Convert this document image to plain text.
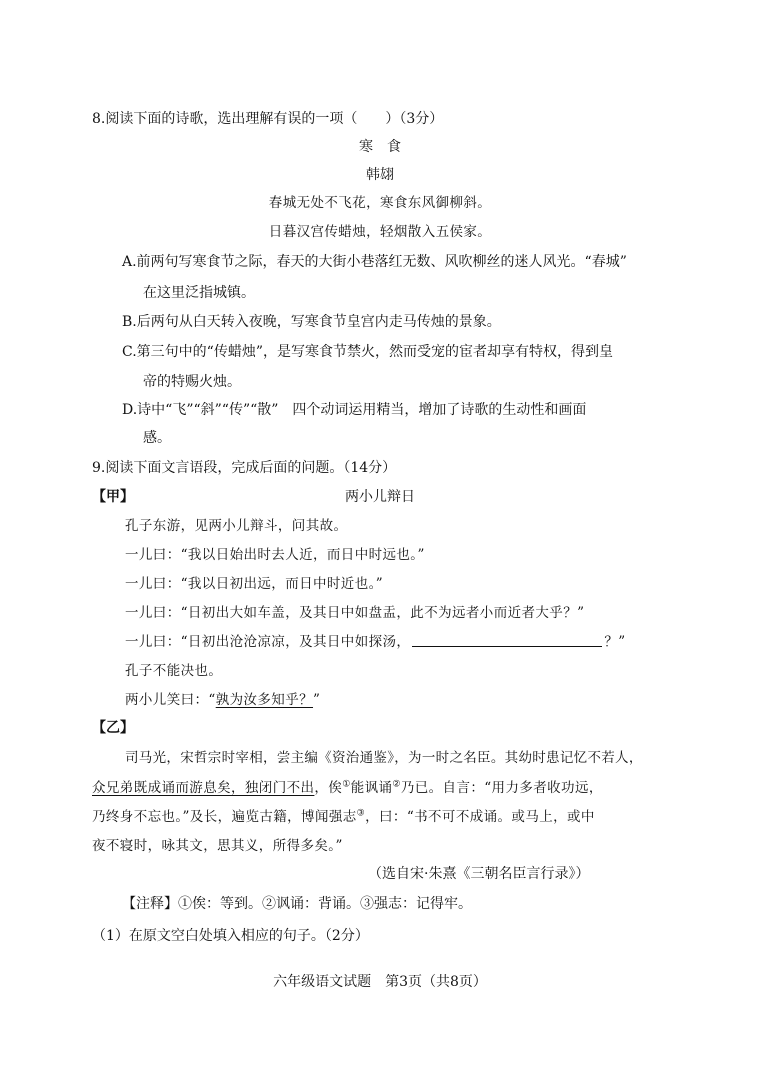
8.阅读下面的诗歌，选出理解有误的一项（　　）（3分）
寒　食
韩翃
春城无处不飞花，寒食东风御柳斜。
日暮汉宫传蜡烛，轻烟散入五侯家。
A.前两句写寒食节之际，春天的大街小巷落红无数、风吹柳丝的迷人风光。“春城”
在这里泛指城镇。
B.后两句从白天转入夜晚，写寒食节皇宫内走马传烛的景象。
C.第三句中的“传蜡烛”，是写寒食节禁火，然而受宠的宦者却享有特权，得到皇
帝的特赐火烛。
D.诗中“飞”“斜”“传”“散”　四个动词运用精当，增加了诗歌的生动性和画面
感。
9.阅读下面文言语段，完成后面的问题。（14分）
【甲】	两小儿辩日
孔子东游，见两小儿辩斗，问其故。
一儿曰：“我以日始出时去人近，而日中时远也。”
一儿曰：“我以日初出远，而日中时近也。”
一儿曰：“日初出大如车盖，及其日中如盘盂，此不为远者小而近者大乎？”
一儿曰：“日初出沧沧凉凉，及其日中如探汤，	？”
孔子不能决也。
两小儿笑曰：“孰为汝多知乎？”
【乙】
司马光，宋哲宗时宰相，尝主编《资治通鉴》，为一时之名臣。其幼时患记忆不若人，
众兄弟既成诵而游息矣，独闭门不出，俟①能讽诵②乃已。自言：“用力多者收功远，
乃终身不忘也。”及长，遍览古籍，博闻强志③，曰：“书不可不成诵。或马上，或中
夜不寝时，咏其文，思其义，所得多矣。”
（选自宋·朱熹《三朝名臣言行录》）
【注释】①俟：等到。②讽诵：背诵。③强志：记得牢。
（1）在原文空白处填入相应的句子。（2分）
六年级语文试题　第3页（共8页）
